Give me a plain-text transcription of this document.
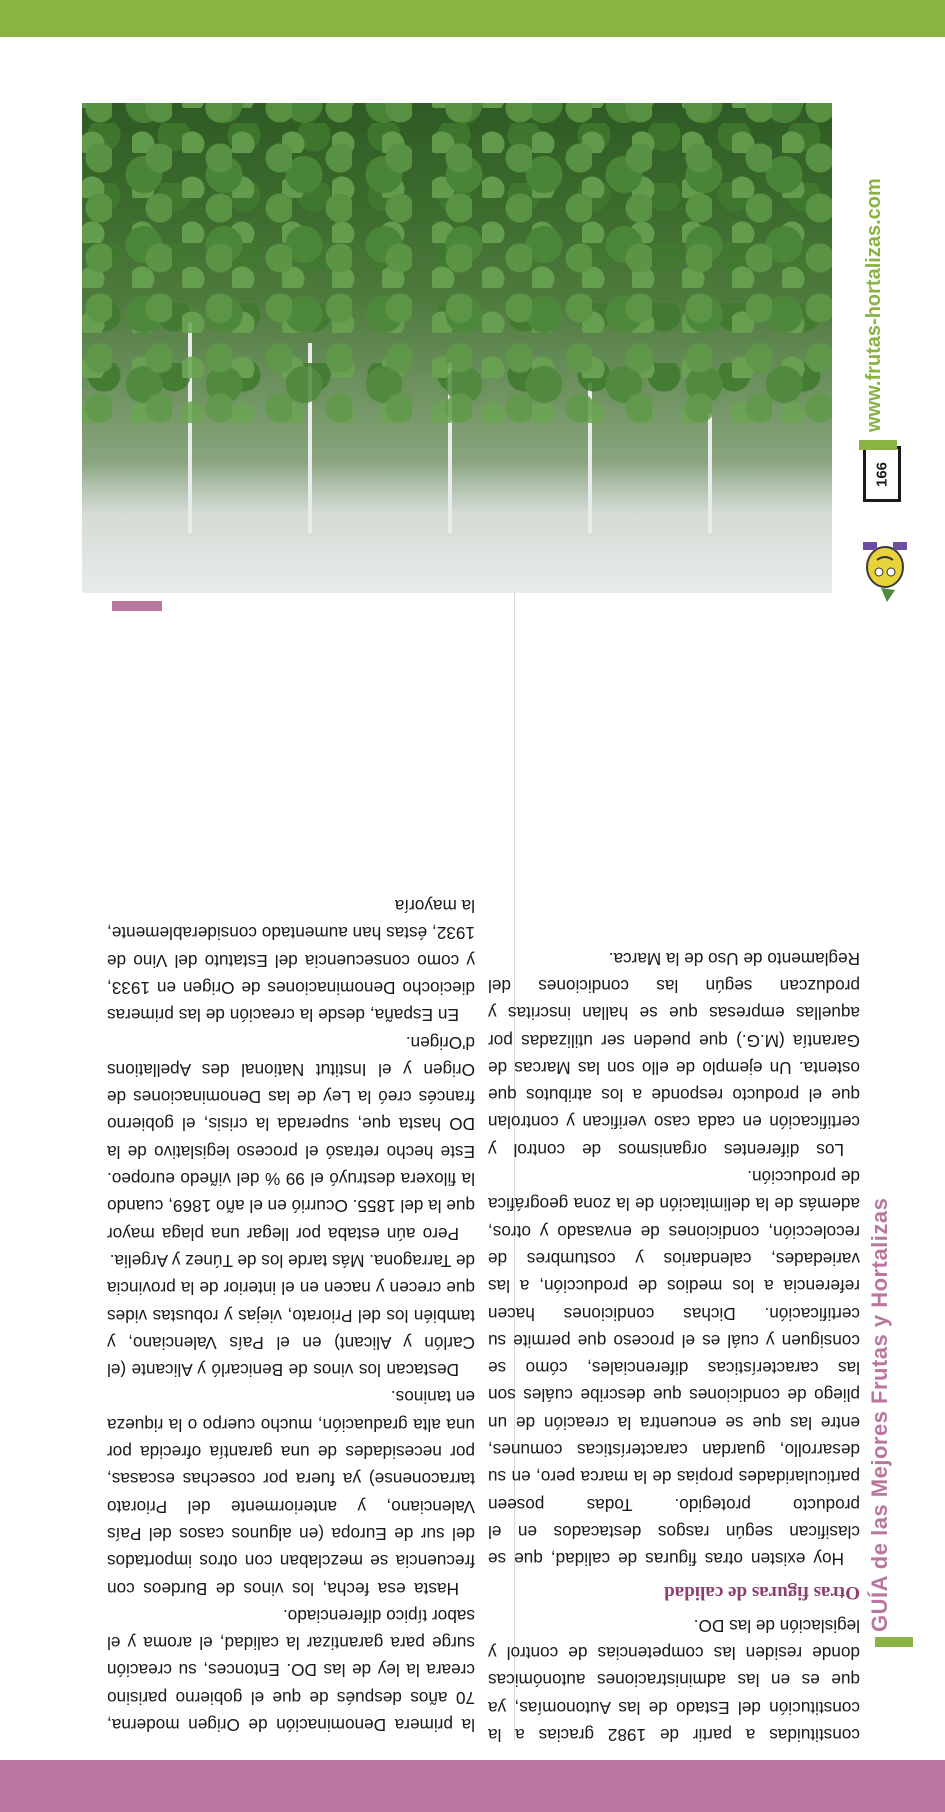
GUÍA de las Mejores Frutas y Hortalizas
166
www.frutas-hortalizas.com

la primera Denominación de Origen moderna, 70 años después de que el gobierno parisino creara la ley de las DO. Entonces, su creación surge para garantizar la calidad, el aroma y el sabor típico diferenciado.

Hasta esa fecha, los vinos de Burdeos con frecuencia se mezclaban con otros importados del sur de Europa (en algunos casos del País Valenciano, y anteriormente del Priorato tarraconense) ya fuera por cosechas escasas, por necesidades de una garantía ofrecida por una alta graduación, mucho cuerpo o la riqueza en taninos.

Destacan los vinos de Benicarló y Alicante (el Carlón y Alicant) en el País Valenciano, y también los del Priorato, viejas y robustas vides que crecen y nacen en el interior de la provincia de Tarragona. Más tarde los de Túnez y Argelia.

Pero aún estaba por llegar una plaga mayor que la del 1855. Ocurrió en el año 1869, cuando la filoxera destruyó el 99 % del viñedo europeo. Este hecho retrasó el proceso legislativo de la DO hasta que, superada la crisis, el gobierno francés creó la Ley de las Denominaciones de Origen y el Institut National des Apellations d'Origen.

En España, desde la creación de las primeras dieciocho Denominaciones de Origen en 1933, y como consecuencia del Estatuto del Vino de 1932, éstas han aumentado considerablemente, la mayoría

constituidas a partir de 1982 gracias a la constitución del Estado de las Autonomías, ya que es en las administraciones autonómicas donde residen las competencias de control y legislación de las DO.

Otras figuras de calidad

Hoy existen otras figuras de calidad, que se clasifican según rasgos destacados en el producto protegido. Todas poseen particularidades propias de la marca pero, en su desarrollo, guardan características comunes, entre las que se encuentra la creación de un pliego de condiciones que describe cuáles son las características diferenciales, cómo se consiguen y cuál es el proceso que permite su certificación. Dichas condiciones hacen referencia a los medios de producción, a las variedades, calendarios y costumbres de recolección, condiciones de envasado y otros, además de la delimitación de la zona geográfica de producción.

Los diferentes organismos de control y certificación en cada caso verifican y controlan que el producto responde a los atributos que ostenta. Un ejemplo de ello son las Marcas de Garantía (M.G.) que pueden ser utilizadas por aquellas empresas que se hallan inscritas y produzcan según las condiciones del Reglamento de Uso de la Marca.
